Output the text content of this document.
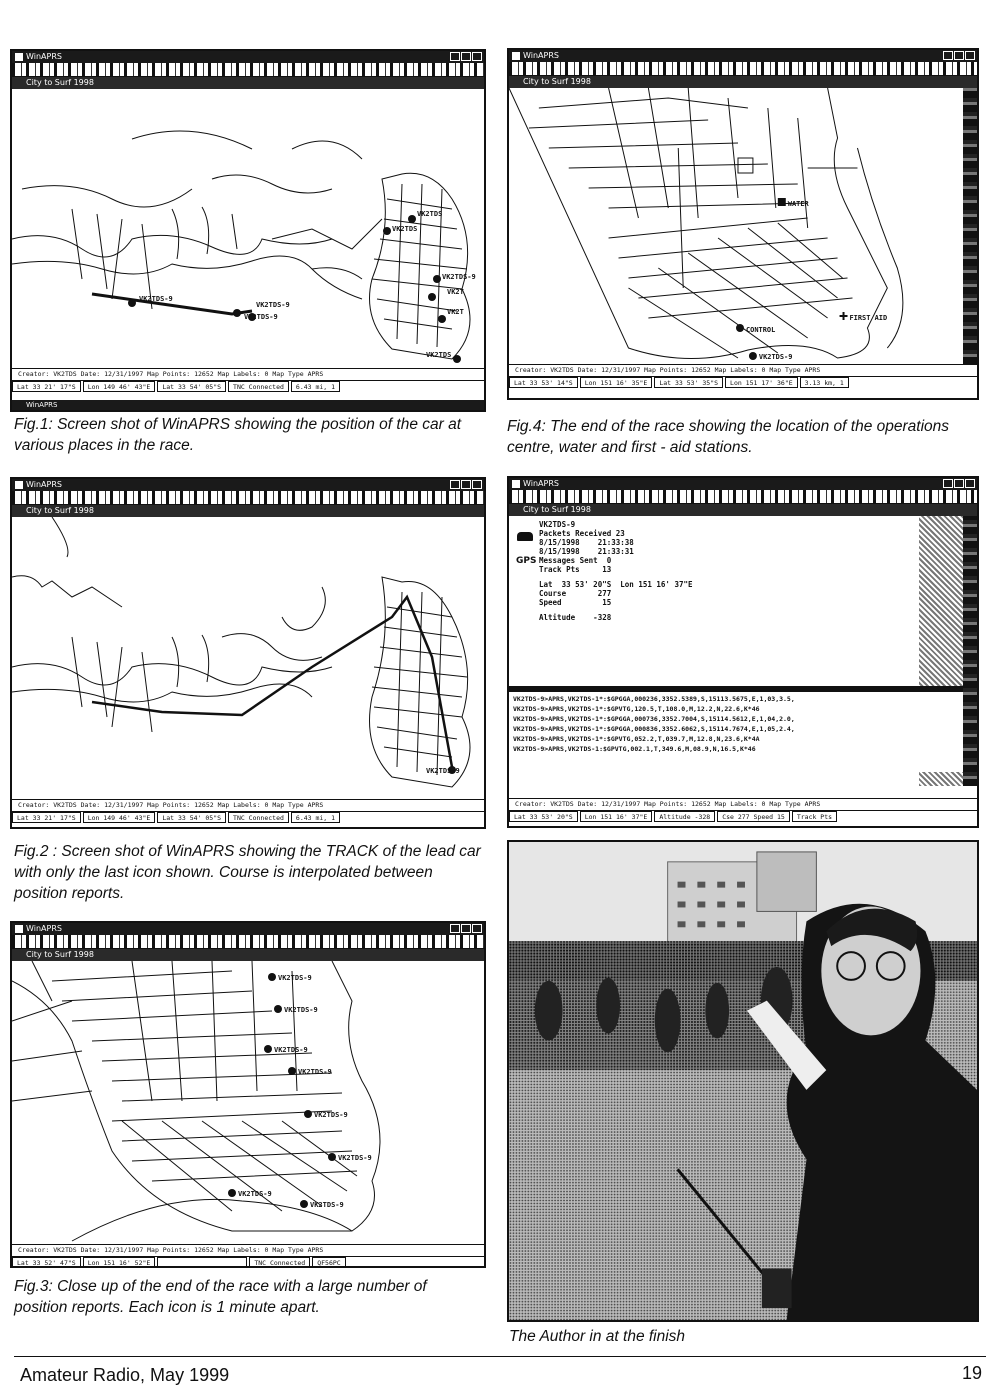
WinAPRS
City to Surf 1998
VK2TDS-9
VK2TDS-9
VK2TDS-9
VK2TDS
VK2TDS
VK2TDS-9
VK2T
VK2T
VK2TDS
Creator: VK2TDS Date: 12/31/1997 Map Points: 12652 Map Labels: 0 Map Type APRS
Lat 33 21' 17"S	Lon 149 46' 43"E	Lat 33 54' 05"S	TNC Connected	6.43 mi, 1
WinAPRS
Fig.1: Screen shot of WinAPRS showing the position of the car at various places in the race.
WinAPRS
City to Surf 1998
WATER
FIRST AID
CONTROL
VK2TDS-9
Creator: VK2TDS Date: 12/31/1997 Map Points: 12652 Map Labels: 0 Map Type APRS
Lat 33 53' 14"S	Lon 151 16' 35"E	Lat 33 53' 35"S	Lon 151 17' 36"E	3.13 km, 1
Fig.4: The end of the race showing the location of the operations centre, water and first - aid stations.
WinAPRS
City to Surf 1998
VK2TDS-9
Creator: VK2TDS Date: 12/31/1997 Map Points: 12652 Map Labels: 0 Map Type APRS
Lat 33 21' 17"S	Lon 149 46' 43"E	Lat 33 54' 05"S	TNC Connected	6.43 mi, 1
Fig.2 : Screen shot of WinAPRS showing the TRACK of the lead car with only the last icon shown. Course is interpolated between position reports.
WinAPRS
City to Surf 1998
GPS
VK2TDS-9
Packets Received 23
8/15/1998    21:33:38
8/15/1998    21:33:31
Messages Sent  0
Track Pts     13
Lat  33 53' 20"S  Lon 151 16' 37"E
Course       277
Speed         15
Altitude    -328
VK2TDS-9>APRS,VK2TDS-1*:$GPGGA,000236,3352.5389,S,15113.5675,E,1,03,3.5,
VK2TDS-9>APRS,VK2TDS-1*:$GPVTG,120.5,T,108.0,M,12.2,N,22.6,K*46
VK2TDS-9>APRS,VK2TDS-1*:$GPGGA,000736,3352.7004,S,15114.5612,E,1,04,2.0,
VK2TDS-9>APRS,VK2TDS-1*:$GPGGA,000836,3352.6062,S,15114.7674,E,1,05,2.4,
VK2TDS-9>APRS,VK2TDS-1*:$GPVTG,052.2,T,039.7,M,12.8,N,23.6,K*4A
VK2TDS-9>APRS,VK2TDS-1:$GPVTG,002.1,T,349.6,M,08.9,N,16.5,K*46
Creator: VK2TDS Date: 12/31/1997 Map Points: 12652 Map Labels: 0 Map Type APRS
Lat 33 53' 20"S	Lon 151 16' 37"E	Altitude -328	Cse 277 Speed 15	Track Pts
WinAPRS
City to Surf 1998
VK2TDS-9
VK2TDS-9
VK2TDS-9
VK2TDS-9
VK2TDS-9
VK2TDS-9
VK2TDS-9
VK2TDS-9
Creator: VK2TDS Date: 12/31/1997 Map Points: 12652 Map Labels: 0 Map Type APRS
Lat 33 52' 47"S	Lon 151 16' 52"E	TNC Connected	QF56PC
Fig.3: Close up of the end of the race with a large number of position reports. Each icon is 1 minute apart.
The Author in at the finish
Amateur Radio, May 1999	19
